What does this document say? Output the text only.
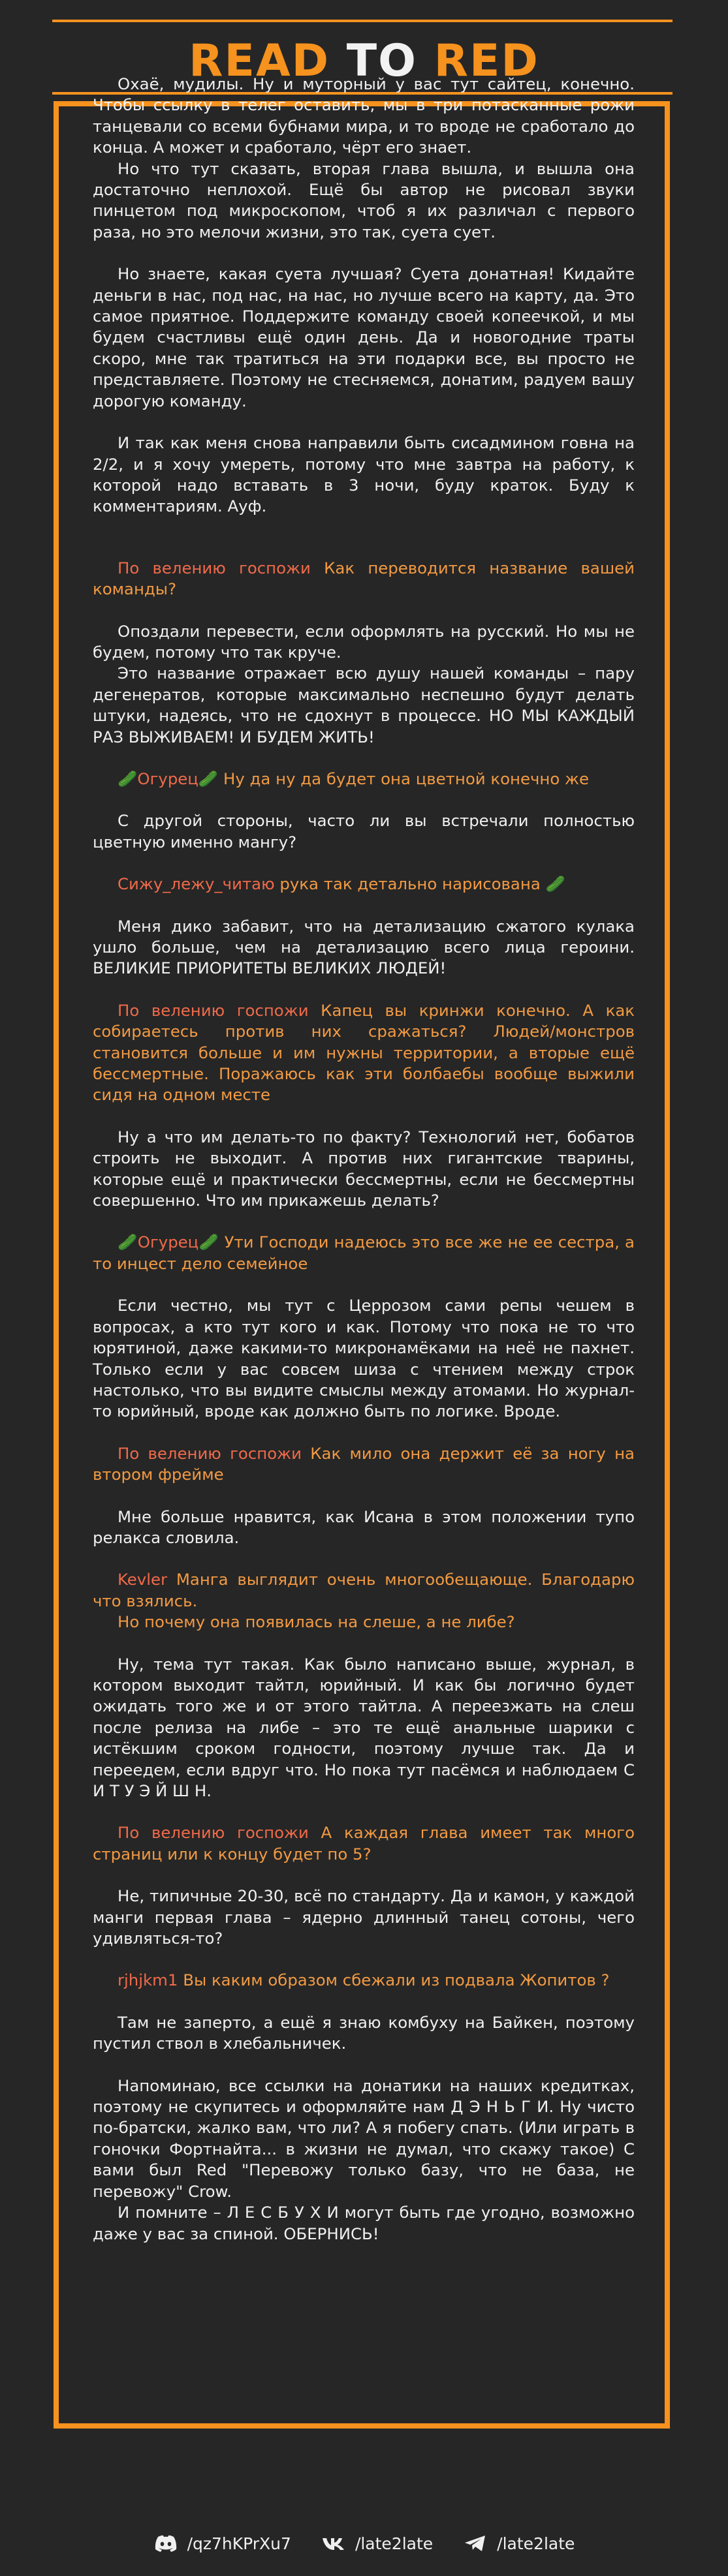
READ TO RED

Охаё, мудилы. Ну и муторный у вас тут сайтец, конечно. Чтобы ссылку в телег оставить, мы в три потасканные рожи танцевали со всеми бубнами мира, и то вроде не сработало до конца. А может и сработало, чёрт его знает.

Но что тут сказать, вторая глава вышла, и вышла она достаточно неплохой. Ещё бы автор не рисовал звуки пинцетом под микроскопом, чтоб я их различал с первого раза, но это мелочи жизни, это так, суета сует.

Но знаете, какая суета лучшая? Суета донатная! Кидайте деньги в нас, под нас, на нас, но лучше всего на карту, да. Это самое приятное. Поддержите команду своей копеечкой, и мы будем счастливы ещё один день. Да и новогодние траты скоро, мне так тратиться на эти подарки все, вы просто не представляете. Поэтому не стесняемся, донатим, радуем вашу дорогую команду.

И так как меня снова направили быть сисадмином говна на 2/2, и я хочу умереть, потому что мне завтра на работу, к которой надо вставать в 3 ночи, буду краток. Буду к комментариям. Ауф.

По велению госпожи Как переводится название вашей команды?

Опоздали перевести, если оформлять на русский. Но мы не будем, потому что так круче.

Это название отражает всю душу нашей команды – пару дегенератов, которые максимально неспешно будут делать штуки, надеясь, что не сдохнут в процессе. НО МЫ КАЖДЫЙ РАЗ ВЫЖИВАЕМ! И БУДЕМ ЖИТЬ!

🥒Огурец🥒 Ну да ну да будет она цветной конечно же

С другой стороны, часто ли вы встречали полностью цветную именно мангу?

Сижу_лежу_читаю рука так детально нарисована 🥒

Меня дико забавит, что на детализацию сжатого кулака ушло больше, чем на детализацию всего лица героини. ВЕЛИКИЕ ПРИОРИТЕТЫ ВЕЛИКИХ ЛЮДЕЙ!

По велению госпожи Капец вы кринжи конечно. А как собираетесь против них сражаться? Людей/монстров становится больше и им нужны территории, а вторые ещё бессмертные. Поражаюсь как эти болбаебы вообще выжили сидя на одном месте

Ну а что им делать-то по факту? Технологий нет, бобатов строить не выходит. А против них гигантские тварины, которые ещё и практически бессмертны, если не бессмертны совершенно. Что им прикажешь делать?

🥒Огурец🥒 Ути Господи надеюсь это все же не ее сестра, а то инцест дело семейное

Если честно, мы тут с Церрозом сами репы чешем в вопросах, а кто тут кого и как. Потому что пока не то что юрятиной, даже какими-то микронамёками на неё не пахнет. Только если у вас совсем шиза с чтением между строк настолько, что вы видите смыслы между атомами. Но журнал-то юрийный, вроде как должно быть по логике. Вроде.

По велению госпожи Как мило она держит её за ногу на втором фрейме

Мне больше нравится, как Исана в этом положении тупо релакса словила.

Kevler Манга выглядит очень многообещающе. Благодарю что взялись.

Но почему она появилась на слеше, а не либе?

Ну, тема тут такая. Как было написано выше, журнал, в котором выходит тайтл, юрийный. И как бы логично будет ожидать того же и от этого тайтла. А переезжать на слеш после релиза на либе – это те ещё анальные шарики с истёкшим сроком годности, поэтому лучше так. Да и переедем, если вдруг что. Но пока тут пасёмся и наблюдаем С И Т У Э Й Ш Н.

По велению госпожи А каждая глава имеет так много страниц или к концу будет по 5?

Не, типичные 20-30, всё по стандарту. Да и камон, у каждой манги первая глава – ядерно длинный танец сотоны, чего удивляться-то?

rjhjkm1 Вы каким образом сбежали из подвала Жопитов ?

Там не заперто, а ещё я знаю комбуху на Байкен, поэтому пустил ствол в хлебальничек.

Напоминаю, все ссылки на донатики на наших кредитках, поэтому не скупитесь и оформляйте нам Д Э Н Ь Г И. Ну чисто по-братски, жалко вам, что ли? А я побегу спать. (Или играть в гоночки Фортнайта... в жизни не думал, что скажу такое) С вами был Red "Перевожу только базу, что не база, не перевожу" Crow.

И помните – Л Е С Б У Х И могут быть где угодно, возможно даже у вас за спиной. ОБЕРНИСЬ!

/qz7hKPrXu7	/late2late	/late2late
